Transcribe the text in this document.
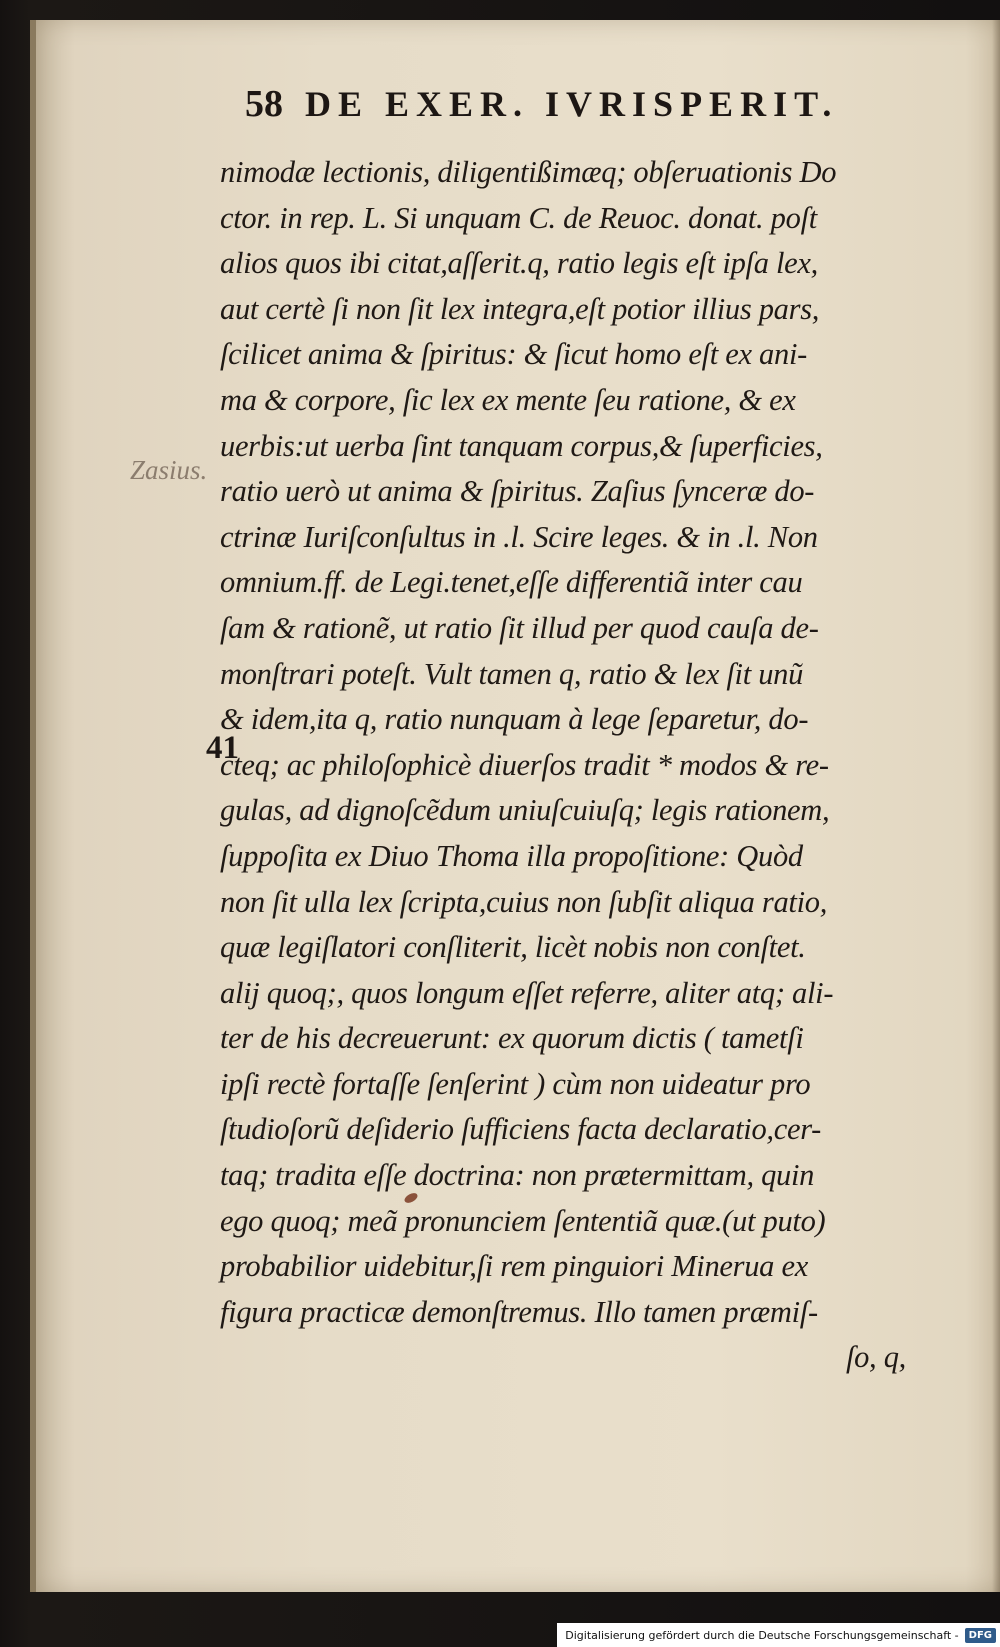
58 DE EXER. IVRISPERIT.
Zasius.
41
nimodæ lectionis, diligentißimæq; obſeruationis Do
ctor. in rep. L. Si unquam C. de Reuoc. donat. poſt
alios quos ibi citat,aſſerit.q, ratio legis eſt ipſa lex,
aut certè ſi non ſit lex integra,eſt potior illius pars,
ſcilicet anima & ſpiritus: & ſicut homo eſt ex ani-
ma & corpore, ſic lex ex mente ſeu ratione, & ex
uerbis:ut uerba ſint tanquam corpus,& ſuperficies,
ratio uerò ut anima & ſpiritus. Zaſius ſynceræ do-
ctrinæ Iuriſconſultus in .l. Scire leges. & in .l. Non
omnium.ff. de Legi.tenet,eſſe differentiã inter cau
ſam & rationẽ, ut ratio ſit illud per quod cauſa de-
monſtrari poteſt. Vult tamen q, ratio & lex ſit unũ
& idem,ita q, ratio nunquam à lege ſeparetur, do-
cteq; ac philoſophicè diuerſos tradit * modos & re-
gulas, ad dignoſcẽdum uniuſcuiuſq; legis rationem,
ſuppoſita ex Diuo Thoma illa propoſitione: Quòd
non ſit ulla lex ſcripta,cuius non ſubſit aliqua ratio,
quæ legiſlatori conſliterit, licèt nobis non conſtet.
alij quoq;, quos longum eſſet referre, aliter atq; ali-
ter de his decreuerunt: ex quorum dictis ( tametſi
ipſi rectè fortaſſe ſenſerint ) cùm non uideatur pro
ſtudioſorũ deſiderio ſufficiens facta declaratio,cer-
taq; tradita eſſe doctrina: non prætermittam, quin
ego quoq; meã pronunciem ſententiã quæ.(ut puto)
probabilior uidebitur,ſi rem pinguiori Minerua ex
figura practicæ demonſtremus. Illo tamen præmiſ-
ſo, q,
Digitalisierung gefördert durch die Deutsche Forschungsgemeinschaft -	DFG
